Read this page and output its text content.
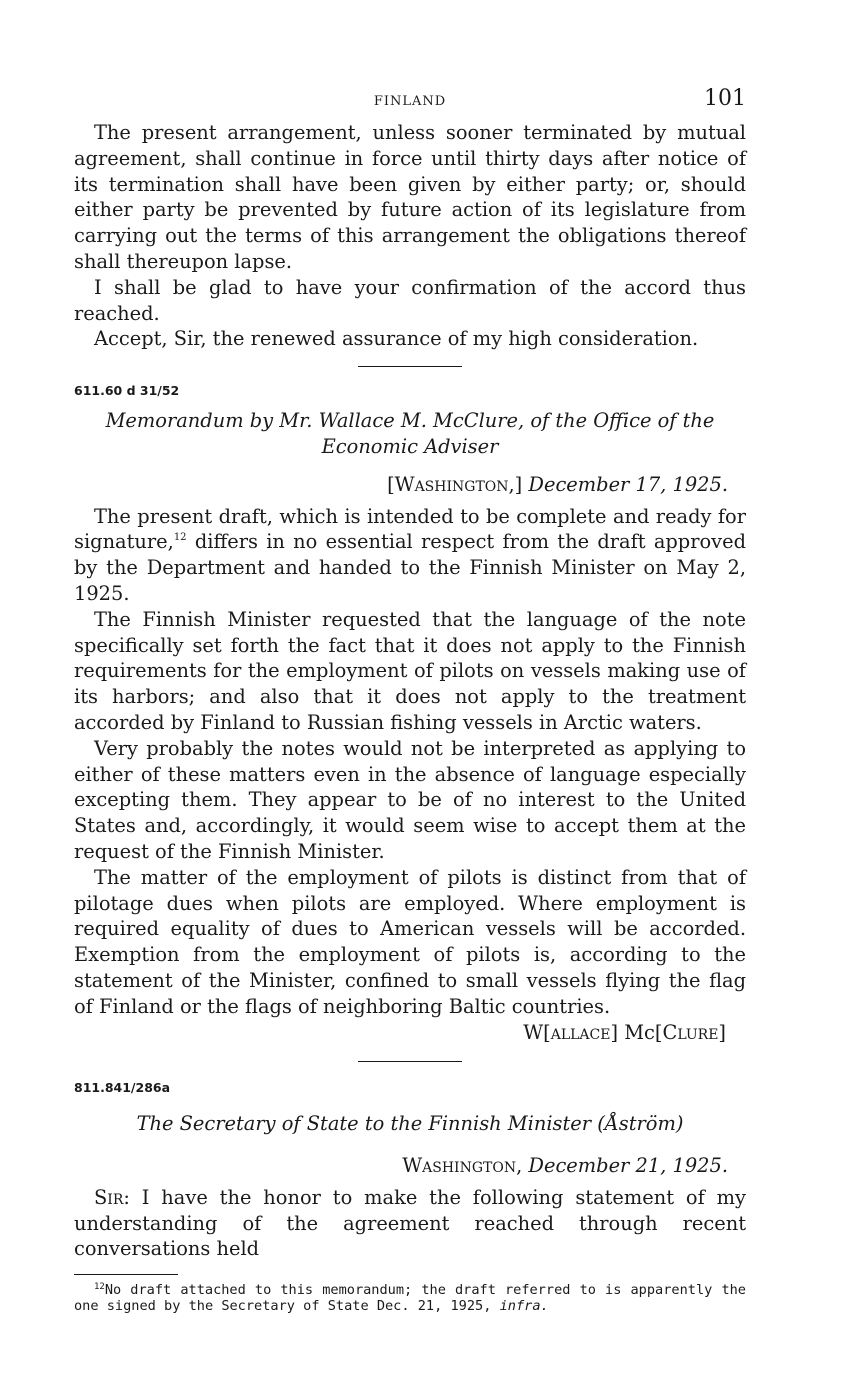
FINLAND	101

The present arrangement, unless sooner terminated by mutual agreement, shall continue in force until thirty days after notice of its termination shall have been given by either party; or, should either party be prevented by future action of its legislature from carrying out the terms of this arrangement the obligations thereof shall thereupon lapse.

I shall be glad to have your confirmation of the accord thus reached.

Accept, Sir, the renewed assurance of my high consideration.

611.60 d 31/52

Memorandum by Mr. Wallace M. McClure, of the Office of the
Economic Adviser

[Washington,] December 17, 1925.

The present draft, which is intended to be complete and ready for signature,$^{12}$ differs in no essential respect from the draft approved by the Department and handed to the Finnish Minister on May 2, 1925.

The Finnish Minister requested that the language of the note specifically set forth the fact that it does not apply to the Finnish requirements for the employment of pilots on vessels making use of its harbors; and also that it does not apply to the treatment accorded by Finland to Russian fishing vessels in Arctic waters.

Very probably the notes would not be interpreted as applying to either of these matters even in the absence of language especially excepting them. They appear to be of no interest to the United States and, accordingly, it would seem wise to accept them at the request of the Finnish Minister.

The matter of the employment of pilots is distinct from that of pilotage dues when pilots are employed. Where employment is required equality of dues to American vessels will be accorded. Exemption from the employment of pilots is, according to the statement of the Minister, confined to small vessels flying the flag of Finland or the flags of neighboring Baltic countries.

W[allace] Mc[Clure]
811.841/286a

The Secretary of State to the Finnish Minister (Åström)

Washington, December 21, 1925.

Sir: I have the honor to make the following statement of my understanding of the agreement reached through recent conversations held

$^{12}$No draft attached to this memorandum; the draft referred to is apparently the one signed by the Secretary of State Dec. 21, 1925, infra.
